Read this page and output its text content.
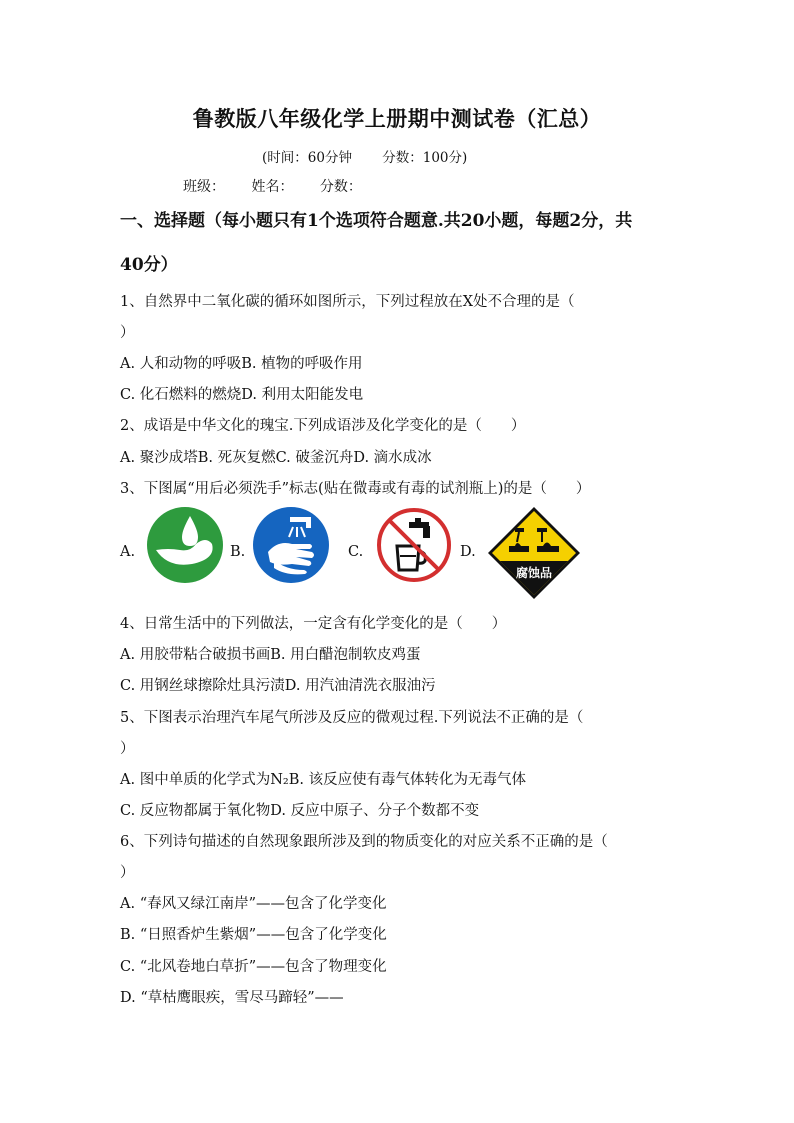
鲁教版八年级化学上册期中测试卷（汇总）
(时间：60分钟 分数：100分)
班级： 姓名： 分数：
一、选择题（每小题只有1个选项符合题意.共20小题，每题2分，共
40分）
1、自然界中二氧化碳的循环如图所示，下列过程放在X处不合理的是（
）
A. 人和动物的呼吸B. 植物的呼吸作用
C. 化石燃料的燃烧D. 利用太阳能发电
2、成语是中华文化的瑰宝.下列成语涉及化学变化的是（　　）
A. 聚沙成塔B. 死灰复燃C. 破釜沉舟D. 滴水成冰
3、下图属“用后必须洗手”标志(贴在微毒或有毒的试剂瓶上)的是（　　）
A.	B.	C.	D.
腐蚀品
4、日常生活中的下列做法，一定含有化学变化的是（　　）
A. 用胶带粘合破损书画B. 用白醋泡制软皮鸡蛋
C. 用钢丝球擦除灶具污渍D. 用汽油清洗衣服油污
5、下图表示治理汽车尾气所涉及反应的微观过程.下列说法不正确的是（
）
A. 图中单质的化学式为N₂B. 该反应使有毒气体转化为无毒气体
C. 反应物都属于氧化物D. 反应中原子、分子个数都不变
6、下列诗句描述的自然现象跟所涉及到的物质变化的对应关系不正确的是（
）
A. “春风又绿江南岸”——包含了化学变化
B. “日照香炉生紫烟”——包含了化学变化
C. “北风卷地白草折”——包含了物理变化
D. “草枯鹰眼疾，雪尽马蹄轻”——
